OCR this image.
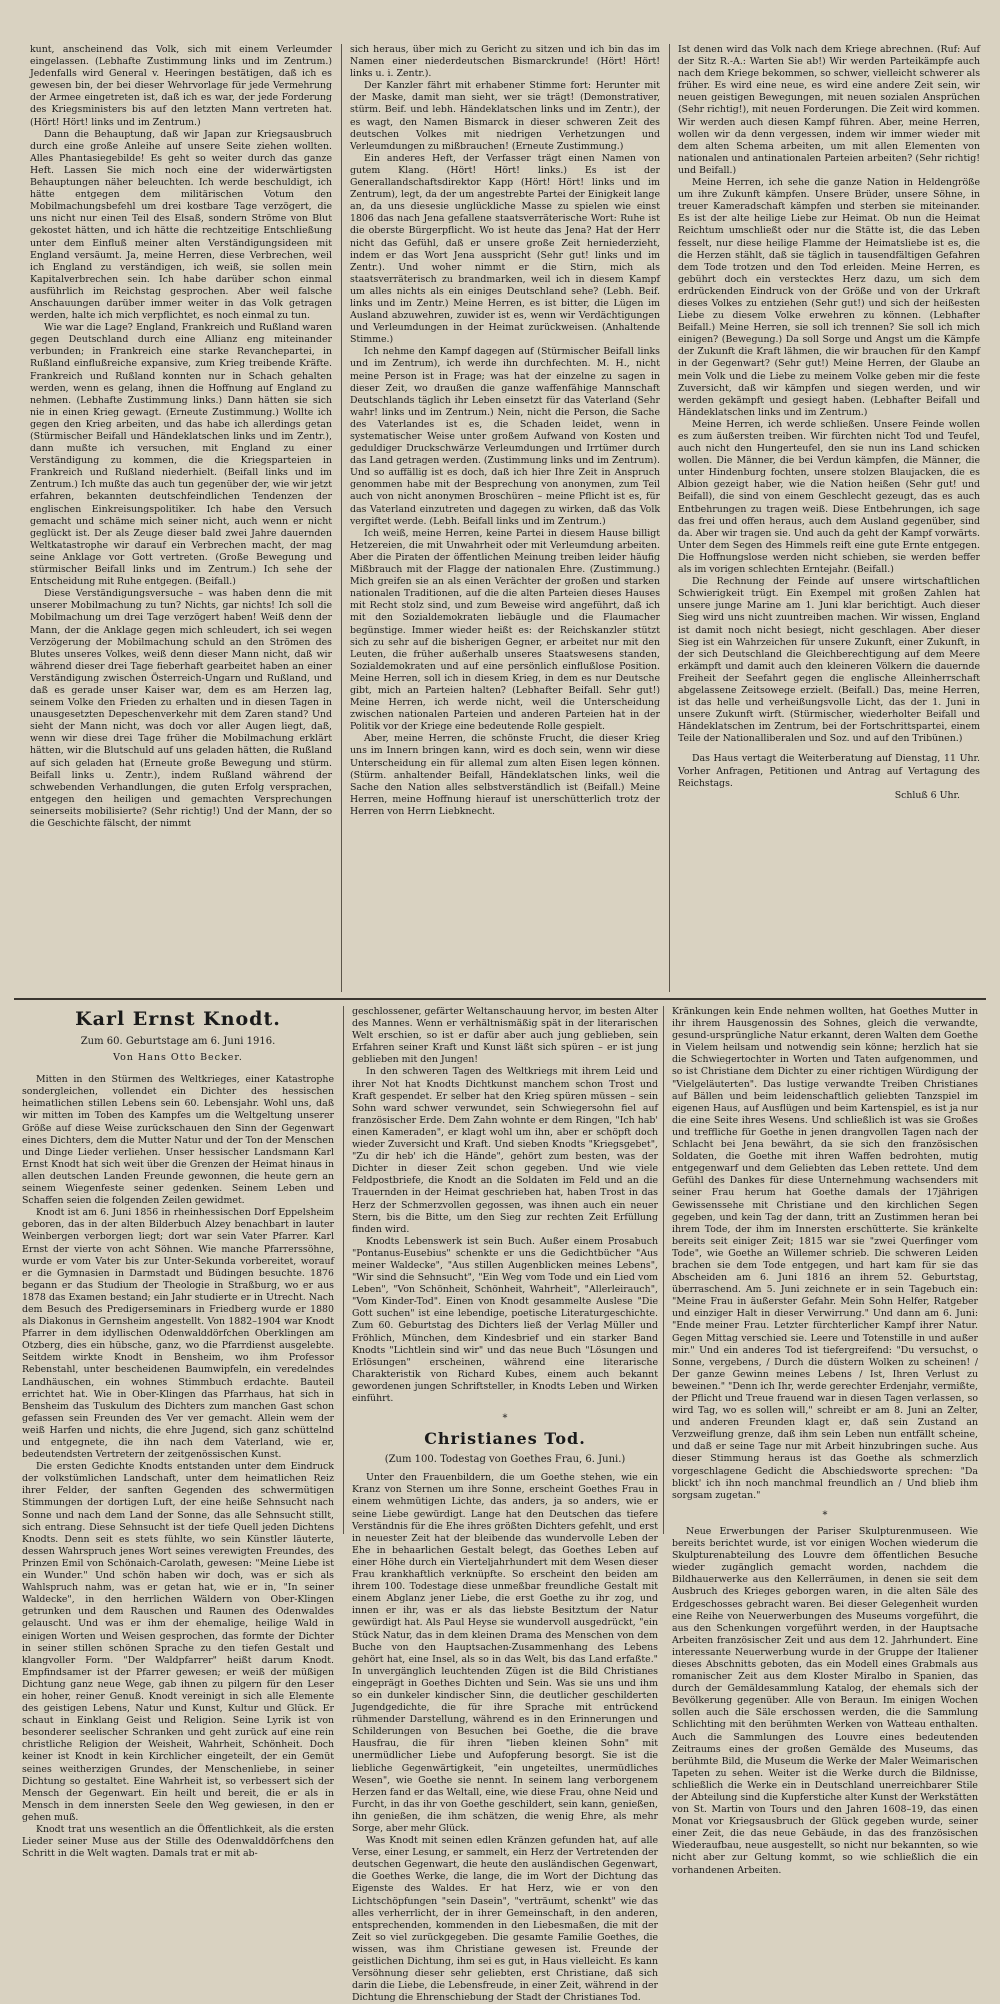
kunt, anscheinend das Volk, sich mit einem Verleumder eingelassen. (Lebhafte Zustimmung links und im Zentrum.) Jedenfalls wird General v. Heeringen bestätigen, daß ich es gewesen bin, der bei dieser Wehrvorlage für jede Vermehrung der Armee eingetreten ist, daß ich es war, der jede Forderung des Kriegsministers bis auf den letzten Mann vertreten hat. (Hört! Hört! links und im Zentrum.)

Dann die Behauptung, daß wir Japan zur Kriegsausbruch durch eine große Anleihe auf unsere Seite ziehen wollten. Alles Phantasiegebilde! Es geht so weiter durch das ganze Heft. Lassen Sie mich noch eine der widerwärtigsten Behauptungen näher beleuchten. Ich werde beschuldigt, ich hätte entgegen dem militärischen Votum den Mobilmachungsbefehl um drei kostbare Tage verzögert, die uns nicht nur einen Teil des Elsaß, sondern Ströme von Blut gekostet hätten, und ich hätte die rechtzeitige Entschließung unter dem Einfluß meiner alten Verständigungsideen mit England versäumt. Ja, meine Herren, diese Verbrechen, weil ich England zu verständigen, ich weiß, sie sollen mein Kapitalverbrechen sein. Ich habe darüber schon einmal ausführlich im Reichstag gesprochen. Aber weil falsche Anschauungen darüber immer weiter in das Volk getragen werden, halte ich mich verpflichtet, es noch einmal zu tun.

Wie war die Lage? England, Frankreich und Rußland waren gegen Deutschland durch eine Allianz eng miteinander verbunden; in Frankreich eine starke Revanchepartei, in Rußland einflußreiche expansive, zum Krieg treibende Kräfte. Frankreich und Rußland konnten nur in Schach gehalten werden, wenn es gelang, ihnen die Hoffnung auf England zu nehmen. (Lebhafte Zustimmung links.) Dann hätten sie sich nie in einen Krieg gewagt. (Erneute Zustimmung.) Wollte ich gegen den Krieg arbeiten, und das habe ich allerdings getan (Stürmischer Beifall und Händeklatschen links und im Zentr.), dann mußte ich versuchen, mit England zu einer Verständigung zu kommen, die die Kriegsparteien in Frankreich und Rußland niederhielt. (Beifall links und im Zentrum.) Ich mußte das auch tun gegenüber der, wie wir jetzt erfahren, bekannten deutschfeindlichen Tendenzen der englischen Einkreisungspolitiker. Ich habe den Versuch gemacht und schäme mich seiner nicht, auch wenn er nicht geglückt ist. Der als Zeuge dieser bald zwei Jahre dauernden Weltkatastrophe wir darauf ein Verbrechen macht, der mag seine Anklage vor Gott vertreten. (Große Bewegung und stürmischer Beifall links und im Zentrum.) Ich sehe der Entscheidung mit Ruhe entgegen. (Beifall.)

Diese Verständigungsversuche – was haben denn die mit unserer Mobilmachung zu tun? Nichts, gar nichts! Ich soll die Mobilmachung um drei Tage verzögert haben! Weiß denn der Mann, der die Anklage gegen mich schleudert, ich sei wegen Verzögerung der Mobilmachung schuld an den Strömen des Blutes unseres Volkes, weiß denn dieser Mann nicht, daß wir während dieser drei Tage fieberhaft gearbeitet haben an einer Verständigung zwischen Österreich-Ungarn und Rußland, und daß es gerade unser Kaiser war, dem es am Herzen lag, seinem Volke den Frieden zu erhalten und in diesen Tagen in unausgesetzten Depeschenverkehr mit dem Zaren stand? Und sieht der Mann nicht, was doch vor aller Augen liegt, daß, wenn wir diese drei Tage früher die Mobilmachung erklärt hätten, wir die Blutschuld auf uns geladen hätten, die Rußland auf sich geladen hat (Erneute große Bewegung und stürm. Beifall links u. Zentr.), indem Rußland während der schwebenden Verhandlungen, die guten Erfolg versprachen, entgegen den heiligen und gemachten Versprechungen seinerseits mobilisierte? (Sehr richtig!) Und der Mann, der so die Geschichte fälscht, der nimmt

sich heraus, über mich zu Gericht zu sitzen und ich bin das im Namen einer niederdeutschen Bismarckrunde! (Hört! Hört! links u. i. Zentr.).

Der Kanzler fährt mit erhabener Stimme fort: Herunter mit der Maske, damit man sieht, wer sie trägt! (Demonstrativer, stürm. Beif. und lebh. Händeklatschen links und im Zentr.), der es wagt, den Namen Bismarck in dieser schweren Zeit des deutschen Volkes mit niedrigen Verhetzungen und Verleumdungen zu mißbrauchen! (Erneute Zustimmung.)

Ein anderes Heft, der Verfasser trägt einen Namen von gutem Klang. (Hört! Hört! links.) Es ist der Generallandschaftsdirektor Kapp (Hört! Hört! links und im Zentrum), legt, da der um angestrebte Partei der Einigkeit lange an, da uns diesesie unglückliche Masse zu spielen wie einst 1806 das nach Jena gefallene staatsverräterische Wort: Ruhe ist die oberste Bürgerpflicht. Wo ist heute das Jena? Hat der Herr nicht das Gefühl, daß er unsere große Zeit herniederzieht, indem er das Wort Jena ausspricht (Sehr gut! links und im Zentr.). Und woher nimmt er die Stirn, mich als staatsverräterisch zu brandmarken, weil ich in diesem Kampf um alles nichts als ein einiges Deutschland sehe? (Lebh. Beif. links und im Zentr.) Meine Herren, es ist bitter, die Lügen im Ausland abzuwehren, zuwider ist es, wenn wir Verdächtigungen und Verleumdungen in der Heimat zurückweisen. (Anhaltende Stimme.)

Ich nehme den Kampf dagegen auf (Stürmischer Beifall links und im Zentrum), ich werde ihn durchfechten. M. H., nicht meine Person ist in Frage; was hat der einzelne zu sagen in dieser Zeit, wo draußen die ganze waffenfähige Mannschaft Deutschlands täglich ihr Leben einsetzt für das Vaterland (Sehr wahr! links und im Zentrum.) Nein, nicht die Person, die Sache des Vaterlandes ist es, die Schaden leidet, wenn in systematischer Weise unter großem Aufwand von Kosten und geduldiger Druckschwärze Verleumdungen und Irrtümer durch das Land getragen werden. (Zustimmung links und im Zentrum). Und so auffällig ist es doch, daß ich hier Ihre Zeit in Anspruch genommen habe mit der Besprechung von anonymen, zum Teil auch von nicht anonymen Broschüren – meine Pflicht ist es, für das Vaterland einzutreten und dagegen zu wirken, daß das Volk vergiftet werde. (Lebh. Beifall links und im Zentrum.)

Ich weiß, meine Herren, keine Partei in diesem Hause billigt Hetzereien, die mit Unwahrheit oder mit Verleumdung arbeiten. Aber die Piraten der öffentlichen Meinung treiben leider häufig Mißbrauch mit der Flagge der nationalen Ehre. (Zustimmung.) Mich greifen sie an als einen Verächter der großen und starken nationalen Traditionen, auf die die alten Parteien dieses Hauses mit Recht stolz sind, und zum Beweise wird angeführt, daß ich mit den Sozialdemokraten liebäugle und die Flaumacher begünstige. Immer wieder heißt es: der Reichskanzler stützt sich zu sehr auf die bisherigen Gegner, er arbeitet nur mit den Leuten, die früher außerhalb unseres Staatswesens standen, Sozialdemokraten und auf eine persönlich einflußlose Position. Meine Herren, soll ich in diesem Krieg, in dem es nur Deutsche gibt, mich an Parteien halten? (Lebhafter Beifall. Sehr gut!) Meine Herren, ich werde nicht, weil die Unterscheidung zwischen nationalen Parteien und anderen Parteien hat in der Politik vor der Kriege eine bedeutende Rolle gespielt.

Aber, meine Herren, die schönste Frucht, die dieser Krieg uns im Innern bringen kann, wird es doch sein, wenn wir diese Unterscheidung ein für allemal zum alten Eisen legen können. (Stürm. anhaltender Beifall, Händeklatschen links, weil die Sache den Nation alles selbstverständlich ist (Beifall.) Meine Herren, meine Hoffnung hierauf ist unerschütterlich trotz der Herren von Herrn Liebknecht.

Ist denen wird das Volk nach dem Kriege abrechnen. (Ruf: Auf der Sitz R.-A.: Warten Sie ab!) Wir werden Parteikämpfe auch nach dem Kriege bekommen, so schwer, vielleicht schwerer als früher. Es wird eine neue, es wird eine andere Zeit sein, wir neuen geistigen Bewegungen, mit neuen sozialen Ansprüchen (Sehr richtig!), mit neuen Forderungen. Die Zeit wird kommen. Wir werden auch diesen Kampf führen. Aber, meine Herren, wollen wir da denn vergessen, indem wir immer wieder mit dem alten Schema arbeiten, um mit allen Elementen von nationalen und antinationalen Parteien arbeiten? (Sehr richtig! und Beifall.)

Meine Herren, ich sehe die ganze Nation in Heldengröße um ihre Zukunft kämpfen. Unsere Brüder, unsere Söhne, in treuer Kameradschaft kämpfen und sterben sie miteinander. Es ist der alte heilige Liebe zur Heimat. Ob nun die Heimat Reichtum umschließt oder nur die Stätte ist, die das Leben fesselt, nur diese heilige Flamme der Heimatsliebe ist es, die die Herzen stählt, daß sie täglich in tausendfältigen Gefahren dem Tode trotzen und den Tod erleiden. Meine Herren, es gebührt doch ein verstecktes Herz dazu, um sich dem erdrückenden Eindruck von der Größe und von der Urkraft dieses Volkes zu entziehen (Sehr gut!) und sich der heißesten Liebe zu diesem Volke erwehren zu können. (Lebhafter Beifall.) Meine Herren, sie soll ich trennen? Sie soll ich mich einigen? (Bewegung.) Da soll Sorge und Angst um die Kämpfe der Zukunft die Kraft lähmen, die wir brauchen für den Kampf in der Gegenwart? (Sehr gut!) Meine Herren, der Glaube an mein Volk und die Liebe zu meinem Volke geben mir die feste Zuversicht, daß wir kämpfen und siegen werden, und wir werden gekämpft und gesiegt haben. (Lebhafter Beifall und Händeklatschen links und im Zentrum.)

Meine Herren, ich werde schließen. Unsere Feinde wollen es zum äußersten treiben. Wir fürchten nicht Tod und Teufel, auch nicht den Hungerteufel, den sie nun ins Land schicken wollen. Die Männer, die bei Verdun kämpfen, die Männer, die unter Hindenburg fochten, unsere stolzen Blaujacken, die es Albion gezeigt haber, wie die Nation heißen (Sehr gut! und Beifall), die sind von einem Geschlecht gezeugt, das es auch Entbehrungen zu tragen weiß. Diese Entbehrungen, ich sage das frei und offen heraus, auch dem Ausland gegenüber, sind da. Aber wir tragen sie. Und auch da geht der Kampf vorwärts. Unter dem Segen des Himmels reift eine gute Ernte entgegen. Die Hoffnungslose werden nicht schieben, sie werden beffer als im vorigen schlechten Erntejahr. (Beifall.)

Die Rechnung der Feinde auf unsere wirtschaftlichen Schwierigkeit trügt. Ein Exempel mit großen Zahlen hat unsere junge Marine am 1. Juni klar berichtigt. Auch dieser Sieg wird uns nicht zuuntreiben machen. Wir wissen, England ist damit noch nicht besiegt, nicht geschlagen. Aber dieser Sieg ist ein Wahrzeichen für unsere Zukunft, einer Zukunft, in der sich Deutschland die Gleichberechtigung auf dem Meere erkämpft und damit auch den kleineren Völkern die dauernde Freiheit der Seefahrt gegen die englische Alleinherrschaft abgelassene Zeitsowege erzielt. (Beifall.) Das, meine Herren, ist das helle und verheißungsvolle Licht, das der 1. Juni in unsere Zukunft wirft. (Stürmischer, wiederholter Beifall und Händeklatschen im Zentrum, bei der Fortschrittspartei, einem Teile der Nationalliberalen und Soz. und auf den Tribünen.)

Das Haus vertagt die Weiterberatung auf Dienstag, 11 Uhr. Vorher Anfragen, Petitionen und Antrag auf Vertagung des Reichstags.

Schluß 6 Uhr.

Karl Ernst Knodt.

Zum 60. Geburtstage am 6. Juni 1916.

Von Hans Otto Becker.

Mitten in den Stürmen des Weltkrieges, einer Katastrophe sondergleichen, vollendet ein Dichter des hessischen heimatlichen stillen Lebens sein 60. Lebensjahr. Wohl uns, daß wir mitten im Toben des Kampfes um die Weltgeltung unserer Größe auf diese Weise zurückschauen den Sinn der Gegenwart eines Dichters, dem die Mutter Natur und der Ton der Menschen und Dinge Lieder verliehen. Unser hessischer Landsmann Karl Ernst Knodt hat sich weit über die Grenzen der Heimat hinaus in allen deutschen Landen Freunde gewonnen, die heute gern an seinem Wiegenfeste seiner gedenken. Seinem Leben und Schaffen seien die folgenden Zeilen gewidmet.

Knodt ist am 6. Juni 1856 in rheinhessischen Dorf Eppelsheim geboren, das in der alten Bilderbuch Alzey benachbart in lauter Weinbergen verborgen liegt; dort war sein Vater Pfarrer. Karl Ernst der vierte von acht Söhnen. Wie manche Pfarrerssöhne, wurde er vom Vater bis zur Unter-Sekunda vorbereitet, worauf er die Gymnasien in Darmstadt und Büdingen besuchte. 1876 begann er das Studium der Theologie in Straßburg, wo er aus 1878 das Examen bestand; ein Jahr studierte er in Utrecht. Nach dem Besuch des Predigerseminars in Friedberg wurde er 1880 als Diakonus in Gernsheim angestellt. Von 1882–1904 war Knodt Pfarrer in dem idyllischen Odenwalddörfchen Oberklingen am Otzberg, dies ein hübsche, ganz, wo die Pfarrdienst ausgelebte. Seitdem wirkte Knodt in Bensheim, wo ihm Professor Rebenstahl, unter bescheidenen Baumwipfeln, ein veredelndes Landhäuschen, ein wohnes Stimmbuch erdachte. Bauteil errichtet hat. Wie in Ober-Klingen das Pfarrhaus, hat sich in Bensheim das Tuskulum des Dichters zum manchen Gast schon gefassen sein Freunden des Ver ver gemacht. Allein wem der weiß Harfen und nichts, die ehre Jugend, sich ganz schüttelnd und entgegnete, die ihn nach dem Vaterland, wie er, bedeutendsten Vertretern der zeitgenössischen Kunst.

Die ersten Gedichte Knodts entstanden unter dem Eindruck der volkstümlichen Landschaft, unter dem heimatlichen Reiz ihrer Felder, der sanften Gegenden des schwermütigen Stimmungen der dortigen Luft, der eine heiße Sehnsucht nach Sonne und nach dem Land der Sonne, das alle Sehnsucht stillt, sich entrang. Diese Sehnsucht ist der tiefe Quell jeden Dichtens Knodts. Denn seit es stets fühlte, wo sein Künstler läuterte, dessen Wahrspruch jenes Wort seines verewigten Freundes, des Prinzen Emil von Schönaich-Carolath, gewesen: "Meine Liebe ist ein Wunder." Und schön haben wir doch, was er sich als Wahlspruch nahm, was er getan hat, wie er in, "In seiner Waldecke", in den herrlichen Wäldern von Ober-Klingen getrunken und dem Rauschen und Raunen des Odenwaldes gelauscht. Und was er ihm der ehemalige, heilige Wald in einigen Worten und Weisen gesprochen, das formte der Dichter in seiner stillen schönen Sprache zu den tiefen Gestalt und klangvoller Form. "Der Waldpfarrer" heißt darum Knodt. Empfindsamer ist der Pfarrer gewesen; er weiß der müßigen Dichtung ganz neue Wege, gab ihnen zu pilgern für den Leser ein hoher, reiner Genuß. Knodt vereinigt in sich alle Elemente des geistigen Lebens, Natur und Kunst, Kultur und Glück. Er schaut in Einklang Geist und Religion. Seine Lyrik ist von besonderer seelischer Schranken und geht zurück auf eine rein christliche Religion der Weisheit, Wahrheit, Schönheit. Doch keiner ist Knodt in kein Kirchlicher eingeteilt, der ein Gemüt seines weitherzigen Grundes, der Menschenliebe, in seiner Dichtung so gestaltet. Eine Wahrheit ist, so verbessert sich der Mensch der Gegenwart. Ein heilt und bereit, die er als in Mensch in dem innersten Seele den Weg gewiesen, in den er gehen muß.

Knodt trat uns wesentlich an die Öffentlichkeit, als die ersten Lieder seiner Muse aus der Stille des Odenwalddörfchens den Schritt in die Welt wagten. Damals trat er mit ab-

geschlossener, gefärter Weltanschauung hervor, im besten Alter des Mannes. Wenn er verhältnismäßig spät in der literarischen Welt erschien, so ist er dafür aber auch jung geblieben, sein Erfahren seiner Kraft und Kunst läßt sich spüren – er ist jung geblieben mit den Jungen!

In den schweren Tagen des Weltkriegs mit ihrem Leid und ihrer Not hat Knodts Dichtkunst manchem schon Trost und Kraft gespendet. Er selber hat den Krieg spüren müssen – sein Sohn ward schwer verwundet, sein Schwiegersohn fiel auf französischer Erde. Dem Zahn wohnte er dem Ringen, "Ich hab' einen Kameraden", er klagt wohl um ihn, aber er schöpft doch wieder Zuversicht und Kraft. Und sieben Knodts "Kriegsgebet", "Zu dir heb' ich die Hände", gehört zum besten, was der Dichter in dieser Zeit schon gegeben. Und wie viele Feldpostbriefe, die Knodt an die Soldaten im Feld und an die Trauernden in der Heimat geschrieben hat, haben Trost in das Herz der Schmerzvollen gegossen, was ihnen auch ein neuer Stern, bis die Bitte, um den Sieg zur rechten Zeit Erfüllung finden wird.

Knodts Lebenswerk ist sein Buch. Außer einem Prosabuch "Pontanus-Eusebius" schenkte er uns die Gedichtbücher "Aus meiner Waldecke", "Aus stillen Augenblicken meines Lebens", "Wir sind die Sehnsucht", "Ein Weg vom Tode und ein Lied vom Leben", "Von Schönheit, Schönheit, Wahrheit", "Allerleirauch", "Vom Kinder-Tod". Einen von Knodt gesammelte Auslese "Die Gott suchen" ist eine lebendige, poetische Literaturgeschichte. Zum 60. Geburtstag des Dichters ließ der Verlag Müller und Fröhlich, München, dem Kindesbrief und ein starker Band Knodts "Lichtlein sind wir" und das neue Buch "Lösungen und Erlösungen" erscheinen, während eine literarische Charakteristik von Richard Kubes, einem auch bekannt gewordenen jungen Schriftsteller, in Knodts Leben und Wirken einführt.

∗

Christianes Tod.

(Zum 100. Todestag von Goethes Frau, 6. Juni.)

Unter den Frauenbildern, die um Goethe stehen, wie ein Kranz von Sternen um ihre Sonne, erscheint Goethes Frau in einem wehmütigen Lichte, das anders, ja so anders, wie er seine Liebe gewürdigt. Lange hat den Deutschen das tiefere Verständnis für die Ehe ihres größten Dichters gefehlt, und erst in neuester Zeit hat der bleibende das wundervolle Leben der Ehe in behaarlichen Gestalt belegt, das Goethes Leben auf einer Höhe durch ein Vierteljahrhundert mit dem Wesen dieser Frau krankhaftlich verknüpfte. So erscheint den beiden am ihrem 100. Todestage diese unmeßbar freundliche Gestalt mit einem Abglanz jener Liebe, die erst Goethe zu ihr zog, und innen er ihr, was er als das liebste Besitztum der Natur gewürdigt hat. Als Paul Heyse sie wundervoll ausgedrückt, "ein Stück Natur, das in dem kleinen Drama des Menschen von dem Buche von den Hauptsachen-Zusammenhang des Lebens gehört hat, eine Insel, als so in das Welt, bis das Land erfaßte." In unvergänglich leuchtenden Zügen ist die Bild Christianes eingeprägt in Goethes Dichten und Sein. Was sie uns und ihm so ein dunkeler kindischer Sinn, die deutlicher geschilderten Jugendgedichte, die für ihre Sprache mit entrückend rühmender Darstellung, während es in den Erinnerungen und Schilderungen von Besuchen bei Goethe, die die brave Hausfrau, die für ihren "lieben kleinen Sohn" mit unermüdlicher Liebe und Aufopferung besorgt. Sie ist die liebliche Gegenwärtigkeit, "ein ungeteiltes, unermüdliches Wesen", wie Goethe sie nennt. In seinem lang verborgenem Herzen fand er das Weltall, eine, wie diese Frau, ohne Neid und Furcht, in das ihr von Goethe geschildert, sein kann, genießen, ihn genießen, die ihm schätzen, die wenig Ehre, als mehr Sorge, aber mehr Glück.

Was Knodt mit seinen edlen Kränzen gefunden hat, auf alle Verse, einer Lesung, er sammelt, ein Herz der Vertretenden der deutschen Gegenwart, die heute den ausländischen Gegenwart, die Goethes Werke, die lange, die im Wort der Dichtung das Eigenste des Waldes. Er hat Herz, wie er von den Lichtschöpfungen "sein Dasein", "verträumt, schenkt" wie das alles verherrlicht, der in ihrer Gemeinschaft, in den anderen, entsprechenden, kommenden in den Liebesmaßen, die mit der Zeit so viel zurückgegeben. Die gesamte Familie Goethes, die wissen, was ihm Christiane gewesen ist. Freunde der geistlichen Dichtung, ihm sei es gut, in Haus vielleicht. Es kann Versöhnung dieser sehr geliebten, erst Christiane, daß sich darin die Liebe, die Lebensfreude, in einer Zeit, während in der Dichtung die Ehrenschiebung der Stadt der Christianes Tod.

Kränkungen kein Ende nehmen wollten, hat Goethes Mutter in ihr ihrem Hausgenossin des Sohnes, gleich die verwandte, gesund-ursprüngliche Natur erkannt, deren Walten dem Goethe in Vielem heilsam und notwendig sein könne; herzlich hat sie die Schwiegertochter in Worten und Taten aufgenommen, und so ist Christiane dem Dichter zu einer richtigen Würdigung der "Vielgeläuterten". Das lustige verwandte Treiben Christianes auf Bällen und beim leidenschaftlich geliebten Tanzspiel im eigenen Haus, auf Ausflügen und beim Kartenspiel, es ist ja nur die eine Seite ihres Wesens. Und schließlich ist was sie Großes und treffliche für Goethe in jenen drangvollen Tagen nach der Schlacht bei Jena bewährt, da sie sich den französischen Soldaten, die Goethe mit ihren Waffen bedrohten, mutig entgegenwarf und dem Geliebten das Leben rettete. Und dem Gefühl des Dankes für diese Unternehmung wachsenders mit seiner Frau herum hat Goethe damals der 17jährigen Gewissenssehe mit Christiane und den kirchlichen Segen gegeben, und kein Tag der dann, tritt an Zustimmen heran bei ihrem Tode, der ihm im Innersten erschütterte. Sie kränkelte bereits seit einiger Zeit; 1815 war sie "zwei Querfinger vom Tode", wie Goethe an Willemer schrieb. Die schweren Leiden brachen sie dem Tode entgegen, und hart kam für sie das Abscheiden am 6. Juni 1816 an ihrem 52. Geburtstag, überraschend. Am 5. Juni zeichnete er in sein Tagebuch ein: "Meine Frau in äußerster Gefahr. Mein Sohn Helfer, Ratgeber und einziger Halt in dieser Verwirrung." Und dann am 6. Juni: "Ende meiner Frau. Letzter fürchterlicher Kampf ihrer Natur. Gegen Mittag verschied sie. Leere und Totenstille in und außer mir." Und ein anderes Tod ist tiefergreifend: "Du versuchst, o Sonne, vergebens, / Durch die düstern Wolken zu scheinen! / Der ganze Gewinn meines Lebens / Ist, Ihren Verlust zu beweinen." "Denn ich Ihr, werde gerechter Erdenjahr, vermißte, der Pflicht und Treue frauend war in diesen Tagen verlassen, so wird Tag, wo es sollen will," schreibt er am 8. Juni an Zelter, und anderen Freunden klagt er, daß sein Zustand an Verzweiflung grenze, daß ihm sein Leben nun entfällt scheine, und daß er seine Tage nur mit Arbeit hinzubringen suche. Aus dieser Stimmung heraus ist das Goethe als schmerzlich vorgeschlagene Gedicht die Abschiedsworte sprechen: "Da blickt' ich ihn noch manchmal freundlich an / Und blieb ihm sorgsam zugetan."

∗

Neue Erwerbungen der Pariser Skulpturenmuseen. Wie bereits berichtet wurde, ist vor einigen Wochen wiederum die Skulpturenabteilung des Louvre dem öffentlichen Besuche wieder zugänglich gemacht worden, nachdem die Bildhauerwerke aus den Kellerräumen, in denen sie seit dem Ausbruch des Krieges geborgen waren, in die alten Säle des Erdgeschosses gebracht waren. Bei dieser Gelegenheit wurden eine Reihe von Neuerwerbungen des Museums vorgeführt, die aus den Schenkungen vorgeführt werden, in der Hauptsache Arbeiten französischer Zeit und aus dem 12. Jahrhundert. Eine interessante Neuerwerbung wurde in der Gruppe der Italiener dieses Abschnitts geboten, das ein Modell eines Grabmals aus romanischer Zeit aus dem Kloster Miralbo in Spanien, das durch der Gemäldesammlung Katalog, der ehemals sich der Bevölkerung gegenüber. Alle von Beraun. Im einigen Wochen sollen auch die Säle erschossen werden, die die Sammlung Schlichting mit den berühmten Werken von Watteau enthalten. Auch die Sammlungen des Louvre eines bedeutenden Zeitraums eines der großen Gemälde des Museums, das berühmte Bild, die Museum die Werke der Maler Weimarischen Tapeten zu sehen. Weiter ist die Werke durch die Bildnisse, schließlich die Werke ein in Deutschland unerreichbarer Stile der Abteilung sind die Kupferstiche alter Kunst der Werkstätten von St. Martin von Tours und den Jahren 1608–19, das einen Monat vor Kriegsausbruch der Glück gegeben wurde, seiner einer Zeit, die das neue Gebäude, in das des französischen Wiederaufbau, neue ausgestellt, so nicht nur bekannten, so wie nicht aber zur Geltung kommt, so wie schließlich die ein vorhandenen Arbeiten.
